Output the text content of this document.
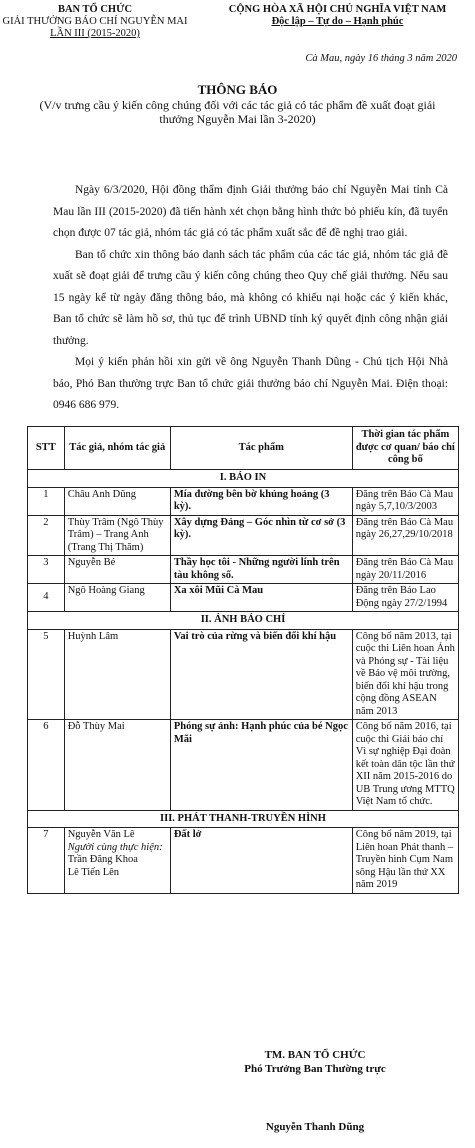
BAN TỔ CHỨC
GIẢI THƯỞNG BÁO CHÍ NGUYỄN MAI
LẦN III (2015-2020)
CỘNG HÒA XÃ HỘI CHỦ NGHĨA VIỆT NAM
Độc lập – Tự do – Hạnh phúc
Cà Mau, ngày 16 tháng 3 năm 2020
THÔNG BÁO
(V/v trưng cầu ý kiến công chúng đối với các tác giả có tác phẩm đề xuất đoạt giải thưởng Nguyễn Mai lần 3-2020)

Ngày 6/3/2020, Hội đồng thẩm định Giải thưởng báo chí Nguyễn Mai tỉnh Cà Mau lần III (2015-2020) đã tiến hành xét chọn bằng hình thức bỏ phiếu kín, đã tuyển chọn được 07 tác giả, nhóm tác giả có tác phẩm xuất sắc để đề nghị trao giải.

Ban tổ chức xin thông báo danh sách tác phẩm của các tác giả, nhóm tác giả đề xuất sẽ đoạt giải để trưng cầu ý kiến công chúng theo Quy chế giải thưởng. Nếu sau 15 ngày kể từ ngày đăng thông báo, mà không có khiếu nại hoặc các ý kiến khác, Ban tổ chức sẽ làm hồ sơ, thủ tục để trình UBND tỉnh ký quyết định công nhận giải thưởng.

Mọi ý kiến phản hồi xin gửi về ông Nguyễn Thanh Dũng - Chủ tịch Hội Nhà báo, Phó Ban thường trực Ban tổ chức giải thưởng báo chí Nguyễn Mai. Điện thoại: 0946 686 979.

STT	Tác giả, nhóm tác giả	Tác phẩm	Thời gian tác phẩm được cơ quan/ báo chí công bố
I. BÁO IN			
1	Châu Anh Dũng	Mía đường bên bờ khủng hoảng (3 kỳ).	Đăng trên Báo Cà Mau ngày 5,7,10/3/2003
2	Thùy Trâm (Ngô Thùy Trâm) – Trang Anh (Trang Thị Thăm)	Xây dựng Đảng – Góc nhìn từ cơ sở (3 kỳ).	Đăng trên Báo Cà Mau ngày 26,27,29/10/2018
3	Nguyễn Bé	Thầy học tôi - Những người lính trên tàu không số.	Đăng trên Báo Cà Mau ngày 20/11/2016
4	Ngô Hoàng Giang	Xa xôi Mũi Cà Mau	Đăng trên Báo Lao Động ngày 27/2/1994
II. ẢNH BÁO CHÍ			
5	Huỳnh Lâm	Vai trò của rừng và biến đổi khí hậu	Công bố năm 2013, tại cuộc thi Liên hoan Ảnh và Phóng sự - Tài liệu về Bảo vệ môi trường, biến đổi khí hậu trong cộng đồng ASEAN năm 2013
6	Đỗ Thùy Mai	Phóng sự ảnh: Hạnh phúc của bé Ngọc Mãi	Công bố năm 2016, tại cuộc thi Giải báo chí Vì sự nghiệp Đại đoàn kết toàn dân tộc lần thứ XII năm 2015-2016 do UB Trung ương MTTQ Việt Nam tổ chức.
III. PHÁT THANH-TRUYỀN HÌNH			
7	Nguyễn Văn Lê
Người cùng thực hiện:
Trần Đăng Khoa
Lê Tiến Lên	Đất lở	Công bố năm 2019, tại Liên hoan Phát thanh – Truyền hình Cụm Nam sông Hậu lần thứ XX năm 2019
TM. BAN TỔ CHỨC
Phó Trưởng Ban Thường trực
Nguyễn Thanh Dũng
